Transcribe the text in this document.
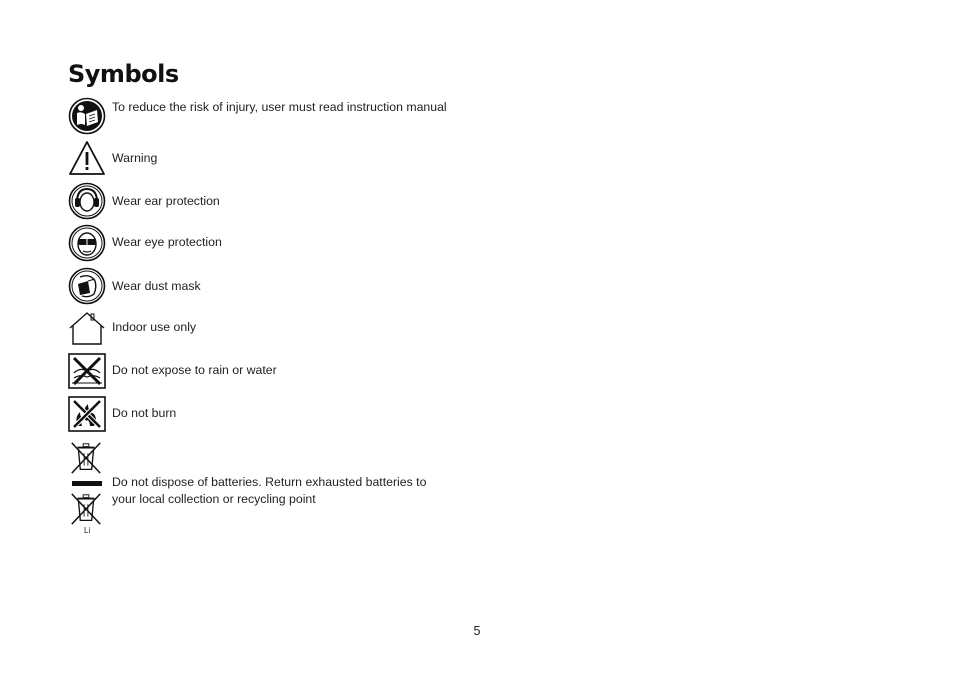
Symbols
To reduce the risk of injury, user must read instruction manual
Warning
Wear ear protection
Wear eye protection
Wear dust mask
Indoor use only
Do not expose to rain or water
Do not burn
Li
Do not dispose of batteries. Return exhausted batteries to your local collection or recycling point
5
